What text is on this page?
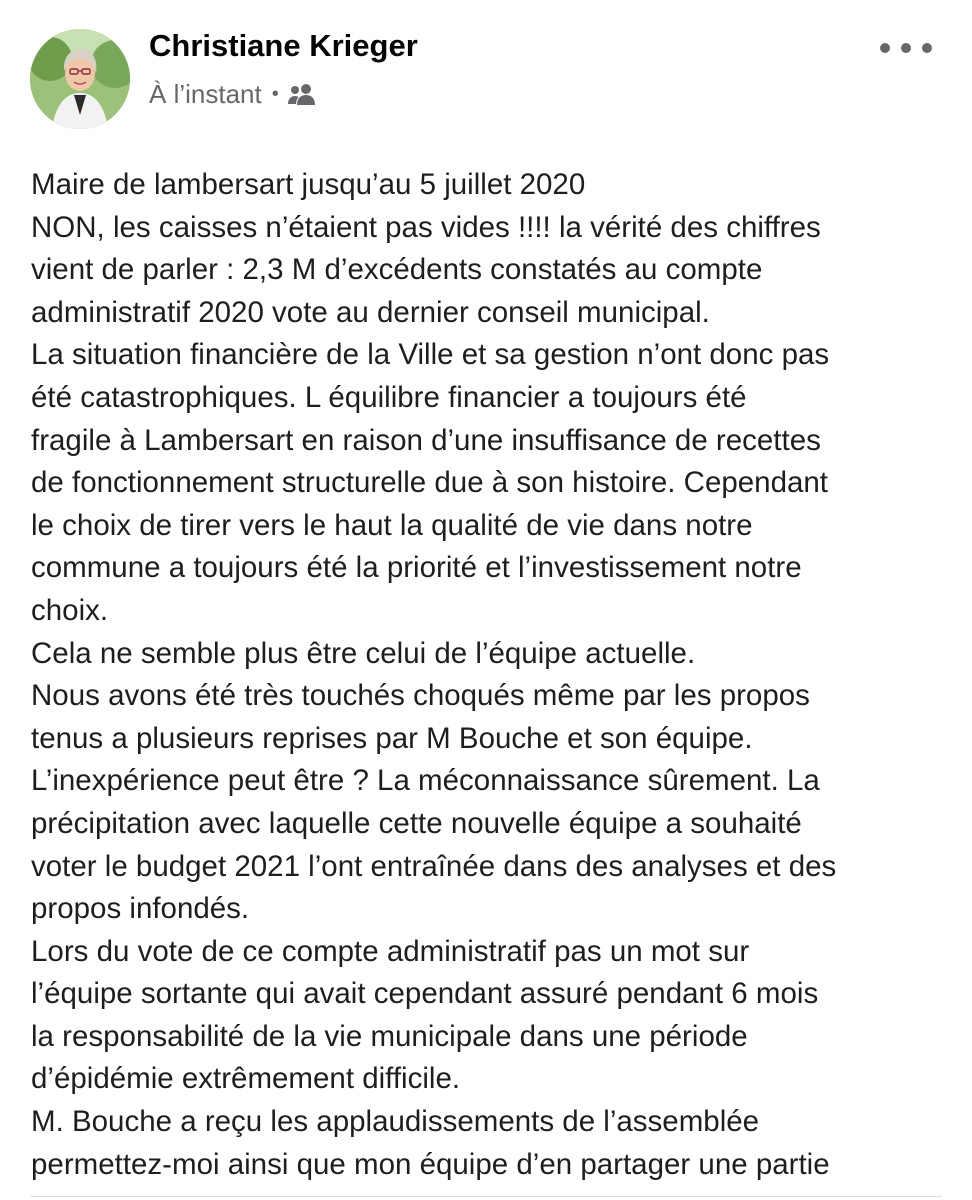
Christiane Krieger
À l’instant •
Maire de lambersart jusqu’au 5 juillet 2020
NON, les caisses n’étaient pas vides !!!! la vérité des chiffres
vient de parler : 2,3 M d’excédents constatés au compte
administratif 2020 vote au dernier conseil municipal.
La situation financière de la Ville et sa gestion n’ont donc pas
été catastrophiques. L équilibre financier a toujours été
fragile à Lambersart en raison d’une insuffisance de recettes
de fonctionnement structurelle due à son histoire. Cependant
le choix de tirer vers le haut la qualité de vie dans notre
commune a toujours été la priorité et l’investissement notre
choix.
Cela ne semble plus être celui de l’équipe actuelle.
Nous avons été très touchés choqués même par les propos
tenus a plusieurs reprises par M Bouche et son équipe.
L’inexpérience peut être ? La méconnaissance sûrement. La
précipitation avec laquelle cette nouvelle équipe a souhaité
voter le budget 2021 l’ont entraînée dans des analyses et des
propos infondés.
Lors du vote de ce compte administratif pas un mot sur
l’équipe sortante qui avait cependant assuré pendant 6 mois
la responsabilité de la vie municipale dans une période
d’épidémie extrêmement difficile.
M. Bouche a reçu les applaudissements de l’assemblée
permettez-moi ainsi que mon équipe d’en partager une partie
